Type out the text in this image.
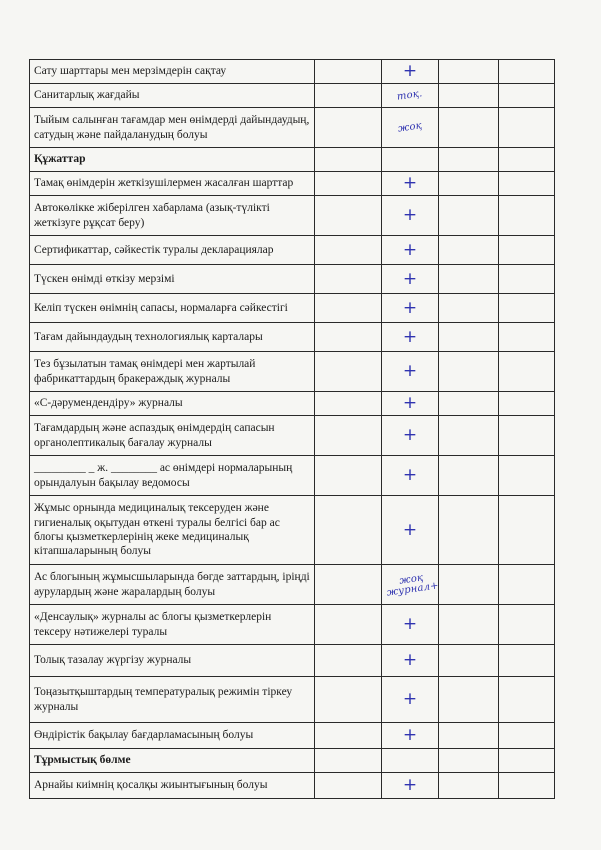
Сату шарттары мен мерзімдерін сақтау		+		
Санитарлық жағдайы		тоқ.		
Тыйым салынған тағамдар мен өнімдерді дайындаудың, сатудың және пайдаланудың болуы		жоқ		
Құжаттар				
Тамақ өнімдерін жеткізушілермен жасалған шарттар		+		
Автокөлікке жіберілген хабарлама (азық-түлікті жеткізуге рұқсат беру)		+		
Сертификаттар, сәйкестік туралы декларациялар		+		
Түскен өнімді өткізу мерзімі		+		
Келіп түскен өнімнің сапасы, нормаларға сәйкестігі		+		
Тағам дайындаудың технологиялық карталары		+		
Тез бұзылатын тамақ өнімдері мен жартылай фабрикаттардың бракераждық журналы		+		
«С-дәрумендендіру» журналы		+		
Тағамдардың және аспаздық өнімдердің сапасын органолептикалық бағалау журналы		+		
_________ _ ж. ________ ас өнімдері нормаларының орындалуын бақылау ведомосы		+		
Жұмыс орнында медициналық тексеруден және гигиеналық оқытудан өткені туралы белгісі бар ас блогы қызметкерлерінің жеке медициналық кітапшаларының болуы		+		
Ас блогының жұмысшыларында бөгде заттардың, іріңді аурулардың және жаралардың болуы		жоқ журнал+		
«Денсаулық» журналы ас блогы қызметкерлерін тексеру нәтижелері туралы		+		
Толық тазалау жүргізу журналы		+		
Тоңазытқыштардың температуралық режимін тіркеу журналы		+		
Өндірістік бақылау бағдарламасының болуы		+		
Тұрмыстық бөлме				
Арнайы киімнің қосалқы жиынтығының болуы		+		
